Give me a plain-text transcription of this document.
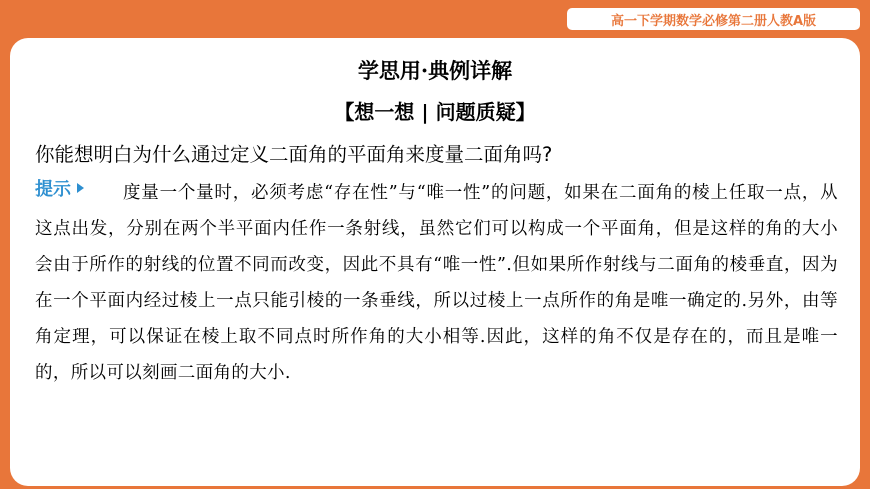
高一下学期数学必修第二册人教A版
学思用·典例详解
【想一想 | 问题质疑】
你能想明白为什么通过定义二面角的平面角来度量二面角吗?
度量一个量时，必须考虑“存在性”与“唯一性”的问题，如果在二面角的棱上任取一点，从这点出发，分别在两个半平面内任作一条射线，虽然它们可以构成一个平面角，但是这样的角的大小会由于所作的射线的位置不同而改变，因此不具有“唯一性”.但如果所作射线与二面角的棱垂直，因为在一个平面内经过棱上一点只能引棱的一条垂线，所以过棱上一点所作的角是唯一确定的.另外，由等角定理，可以保证在棱上取不同点时所作角的大小相等.因此，这样的角不仅是存在的，而且是唯一的，所以可以刻画二面角的大小.
提示
